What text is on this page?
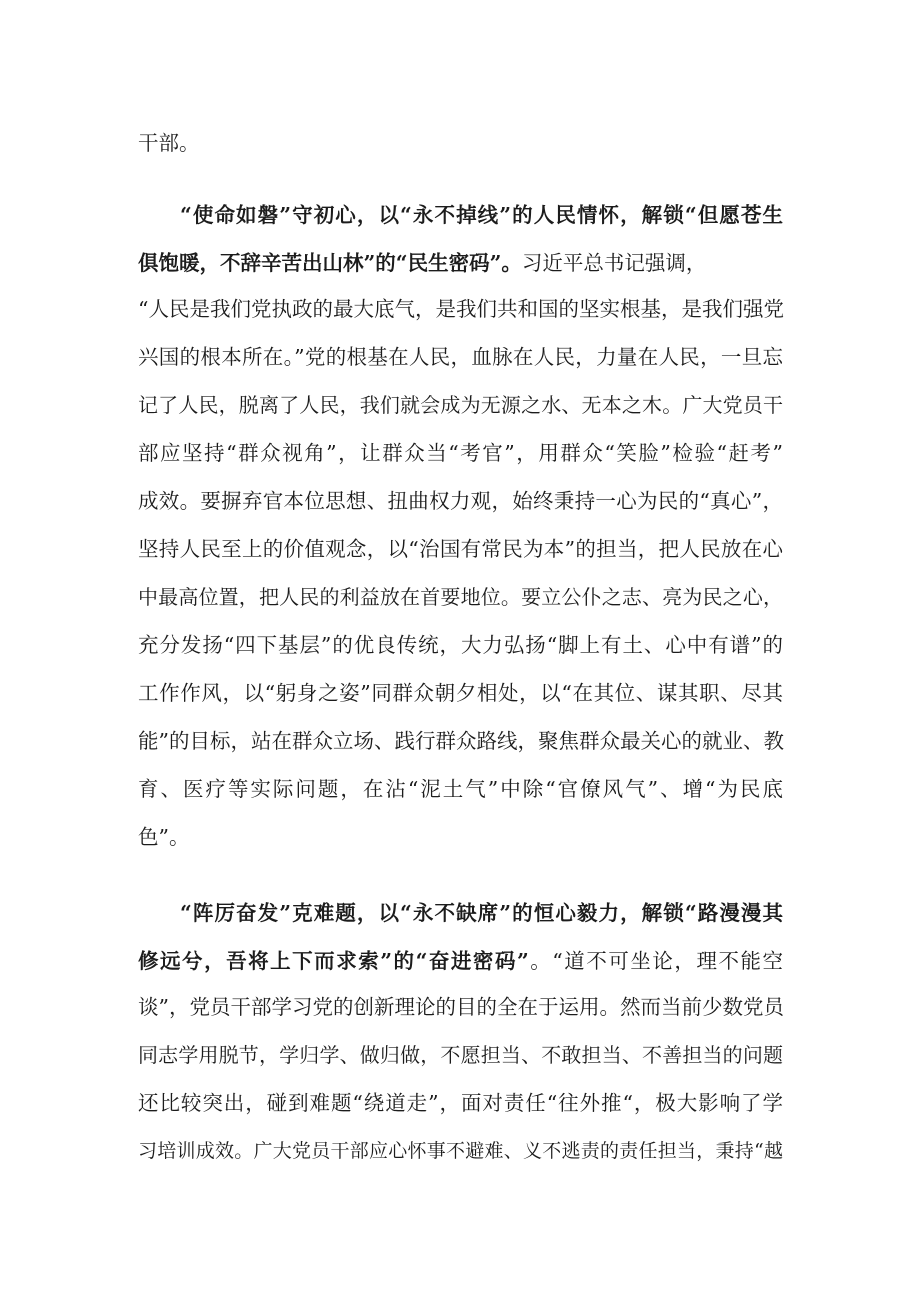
干部。
“使命如磐”守初心，以“永不掉线”的人民情怀，解锁“但愿苍生
俱饱暖，不辞辛苦出山林”的“民生密码”。习近平总书记强调，
“人民是我们党执政的最大底气，是我们共和国的坚实根基，是我们强党
兴国的根本所在。”党的根基在人民，血脉在人民，力量在人民，一旦忘
记了人民，脱离了人民，我们就会成为无源之水、无本之木。广大党员干
部应坚持“群众视角”，让群众当“考官”，用群众“笑脸”检验“赶考”
成效。要摒弃官本位思想、扭曲权力观，始终秉持一心为民的“真心”，
坚持人民至上的价值观念，以“治国有常民为本”的担当，把人民放在心
中最高位置，把人民的利益放在首要地位。要立公仆之志、亮为民之心，
充分发扬“四下基层”的优良传统，大力弘扬“脚上有土、心中有谱”的
工作作风，以“躬身之姿”同群众朝夕相处，以“在其位、谋其职、尽其
能”的目标，站在群众立场、践行群众路线，聚焦群众最关心的就业、教
育、医疗等实际问题，在沾“泥土气”中除“官僚风气”、增“为民底
色”。
“阵厉奋发”克难题，以“永不缺席”的恒心毅力，解锁“路漫漫其
修远兮，吾将上下而求索”的“奋进密码”。“道不可坐论，理不能空
谈”，党员干部学习党的创新理论的目的全在于运用。然而当前少数党员
同志学用脱节，学归学、做归做，不愿担当、不敢担当、不善担当的问题
还比较突出，碰到难题“绕道走”，面对责任“往外推“，极大影响了学
习培训成效。广大党员干部应心怀事不避难、义不逃责的责任担当，秉持“越
